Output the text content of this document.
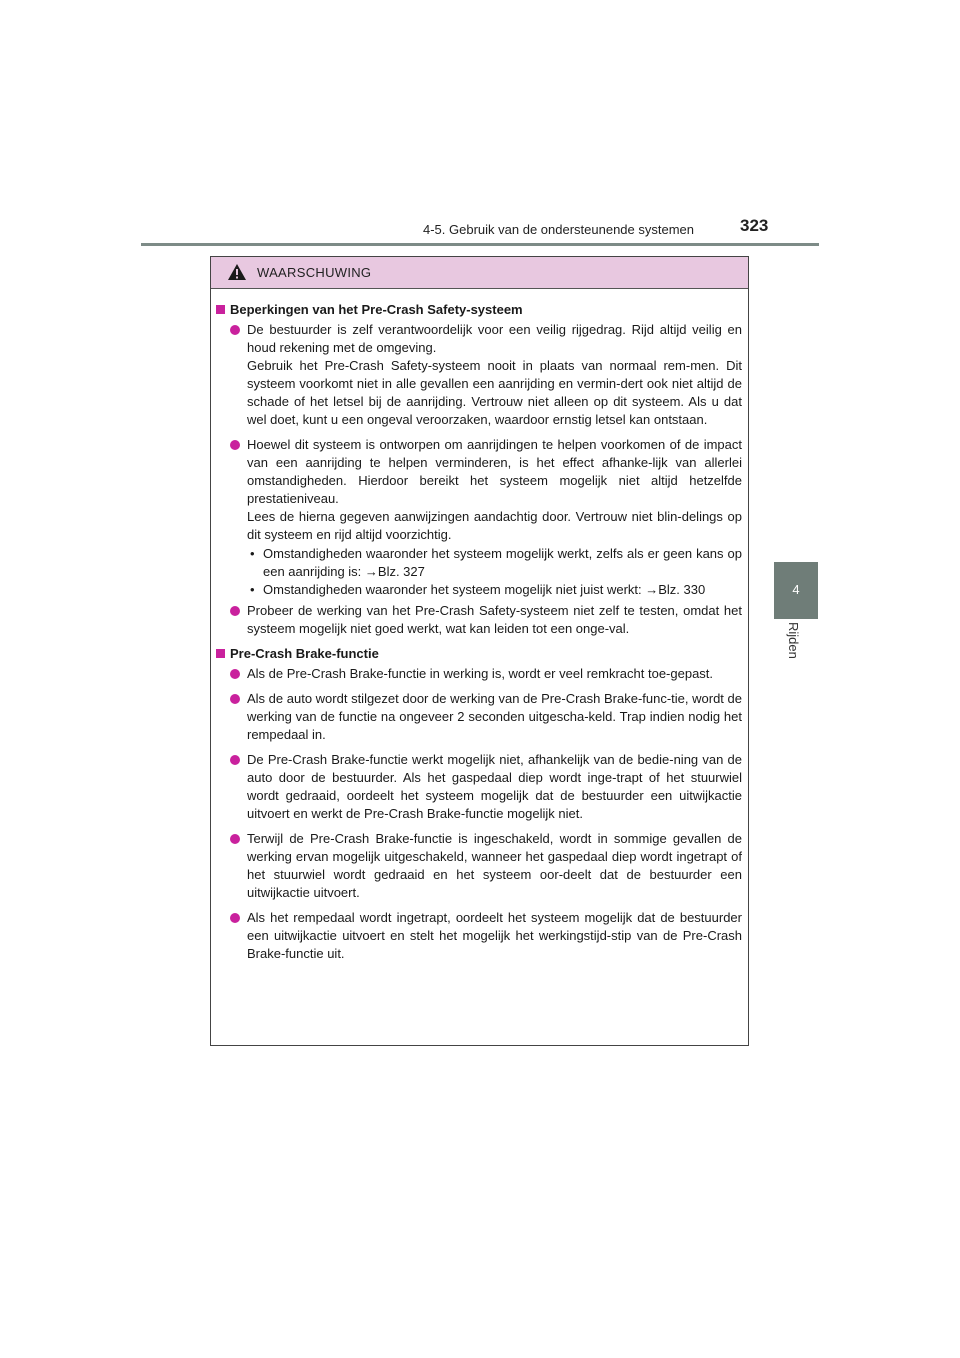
4-5. Gebruik van de ondersteunende systemen	323
4
Rijden
WAARSCHUWING
Beperkingen van het Pre-Crash Safety-systeem
De bestuurder is zelf verantwoordelijk voor een veilig rijgedrag. Rijd altijd veilig en houd rekening met de omgeving.
Gebruik het Pre-Crash Safety-systeem nooit in plaats van normaal rem-men. Dit systeem voorkomt niet in alle gevallen een aanrijding en vermin-dert ook niet altijd de schade of het letsel bij de aanrijding. Vertrouw niet alleen op dit systeem. Als u dat wel doet, kunt u een ongeval veroorzaken, waardoor ernstig letsel kan ontstaan.
Hoewel dit systeem is ontworpen om aanrijdingen te helpen voorkomen of de impact van een aanrijding te helpen verminderen, is het effect afhanke-lijk van allerlei omstandigheden. Hierdoor bereikt het systeem mogelijk niet altijd hetzelfde prestatieniveau.
Lees de hierna gegeven aanwijzingen aandachtig door. Vertrouw niet blin-delings op dit systeem en rijd altijd voorzichtig.
• Omstandigheden waaronder het systeem mogelijk werkt, zelfs als er geen kans op een aanrijding is: →Blz. 327
• Omstandigheden waaronder het systeem mogelijk niet juist werkt: →Blz. 330
Probeer de werking van het Pre-Crash Safety-systeem niet zelf te testen, omdat het systeem mogelijk niet goed werkt, wat kan leiden tot een onge-val.
Pre-Crash Brake-functie
Als de Pre-Crash Brake-functie in werking is, wordt er veel remkracht toe-gepast.
Als de auto wordt stilgezet door de werking van de Pre-Crash Brake-func-tie, wordt de werking van de functie na ongeveer 2 seconden uitgescha-keld. Trap indien nodig het rempedaal in.
De Pre-Crash Brake-functie werkt mogelijk niet, afhankelijk van de bedie-ning van de auto door de bestuurder. Als het gaspedaal diep wordt inge-trapt of het stuurwiel wordt gedraaid, oordeelt het systeem mogelijk dat de bestuurder een uitwijkactie uitvoert en werkt de Pre-Crash Brake-functie mogelijk niet.
Terwijl de Pre-Crash Brake-functie is ingeschakeld, wordt in sommige gevallen de werking ervan mogelijk uitgeschakeld, wanneer het gaspedaal diep wordt ingetrapt of het stuurwiel wordt gedraaid en het systeem oor-deelt dat de bestuurder een uitwijkactie uitvoert.
Als het rempedaal wordt ingetrapt, oordeelt het systeem mogelijk dat de bestuurder een uitwijkactie uitvoert en stelt het mogelijk het werkingstijd-stip van de Pre-Crash Brake-functie uit.
